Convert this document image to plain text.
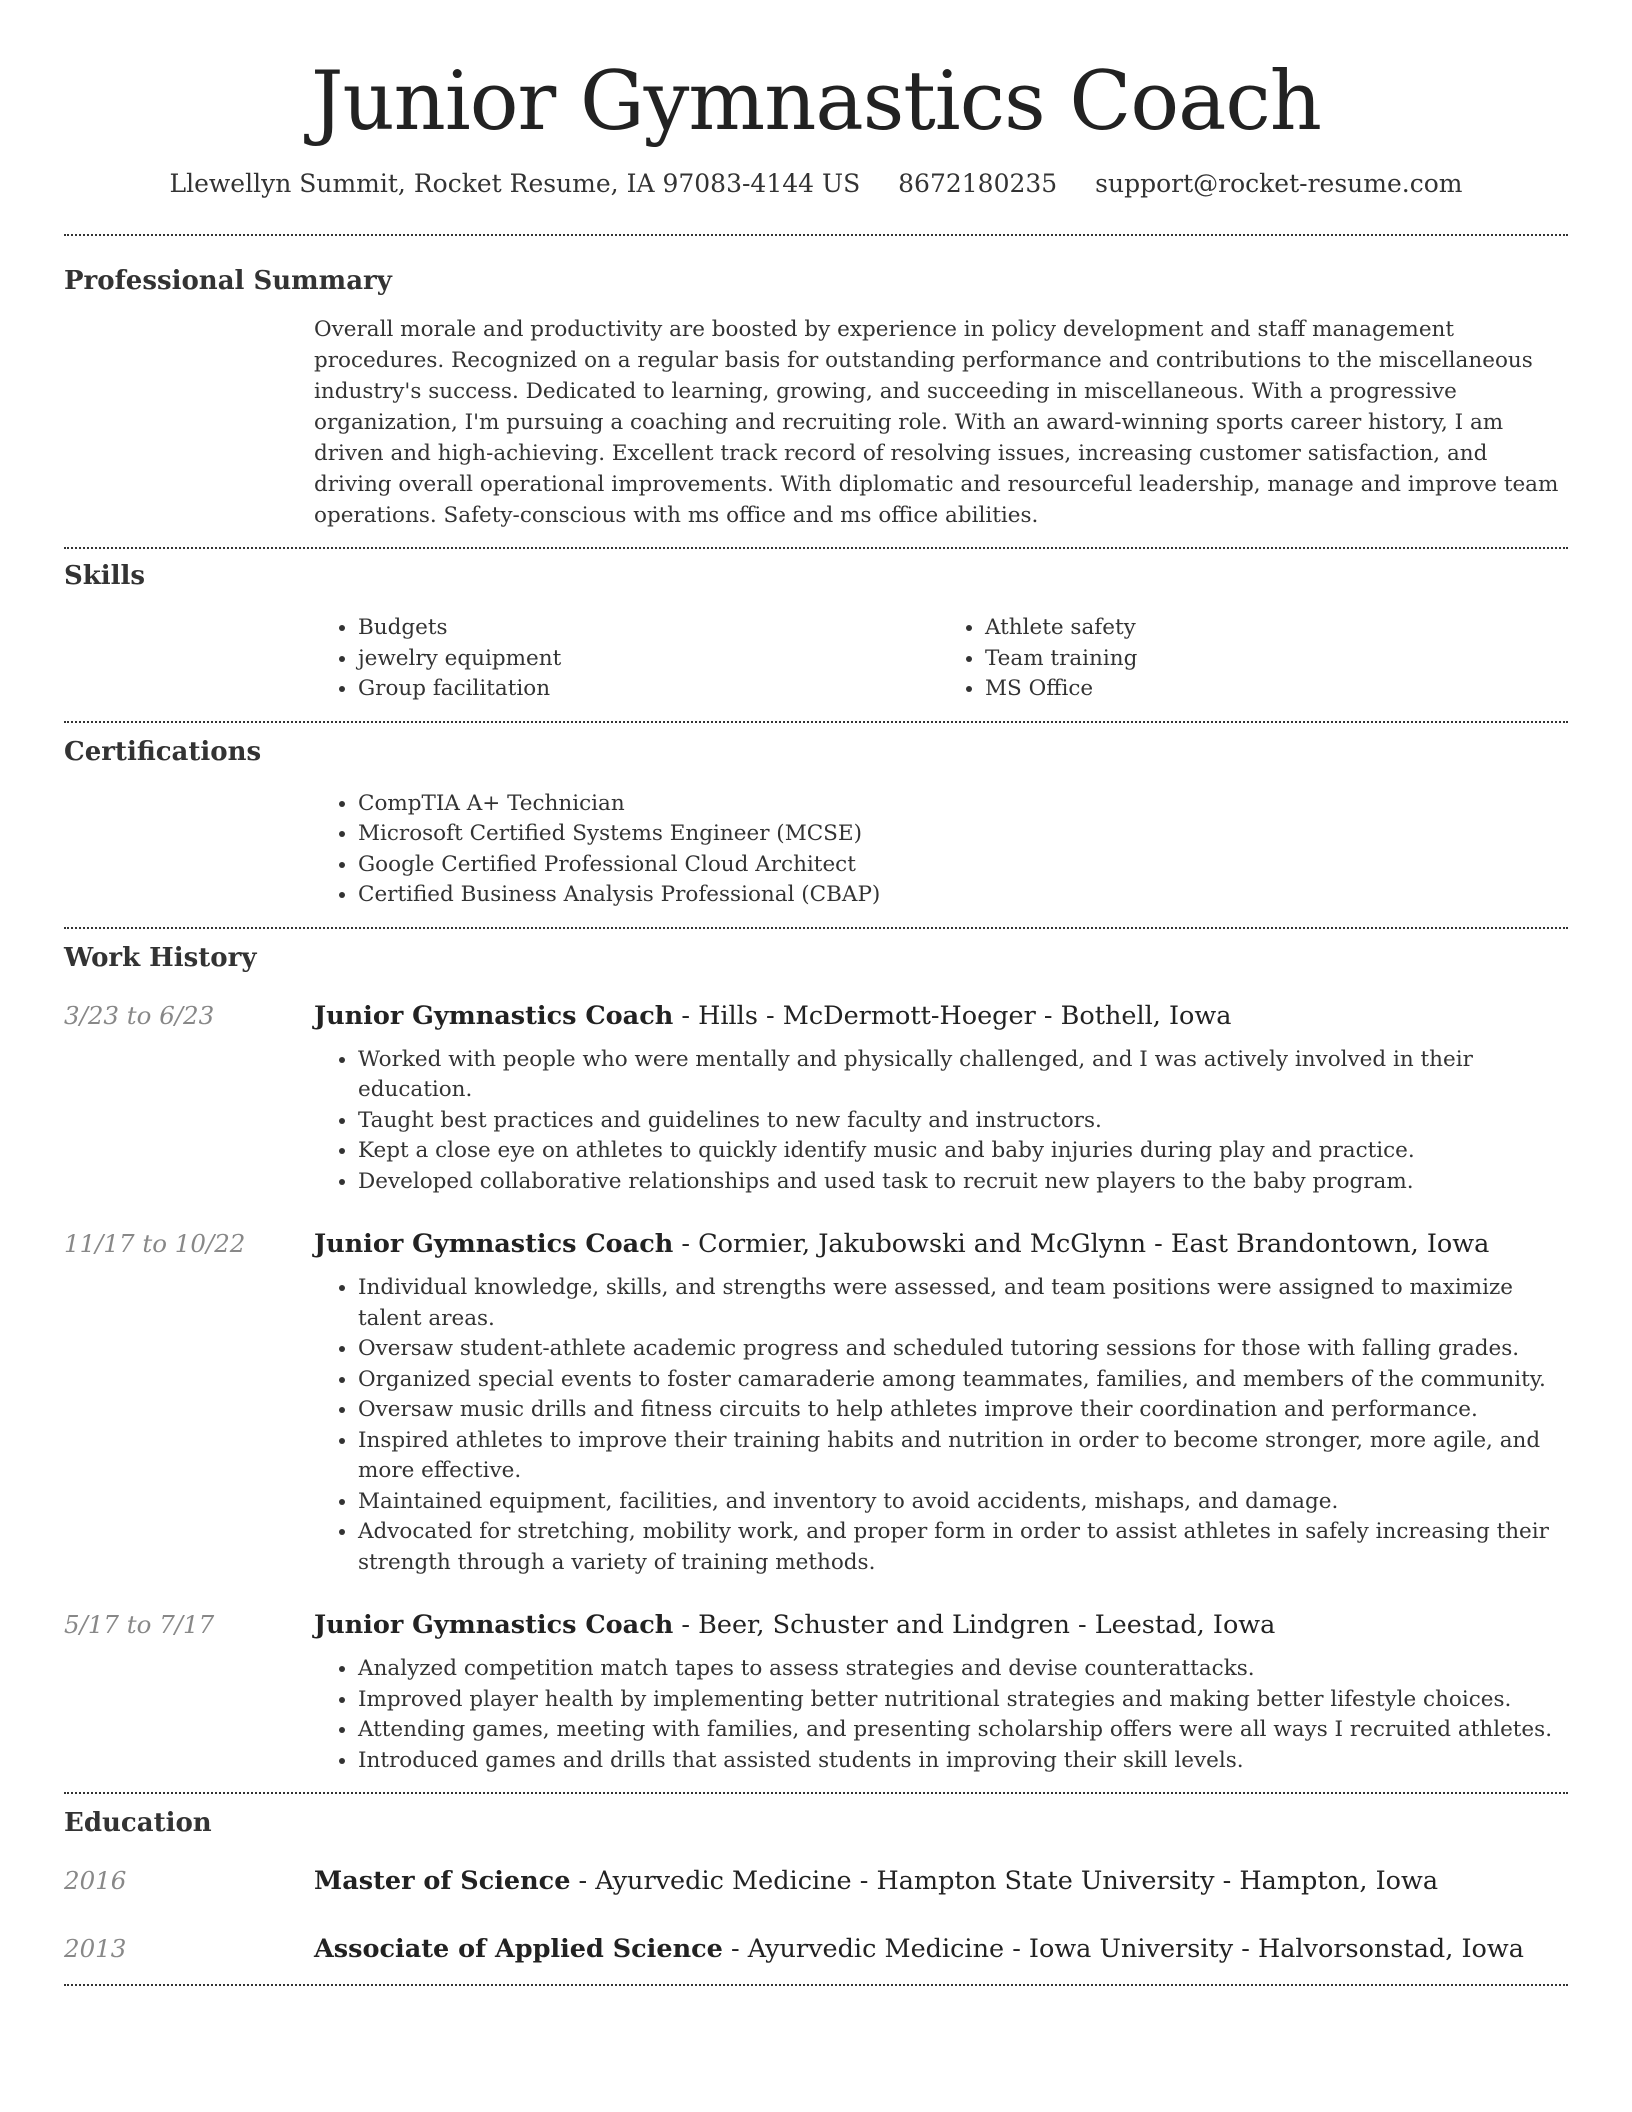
Junior Gymnastics Coach
Llewellyn Summit, Rocket Resume, IA 97083-4144 US 8672180235 support@rocket-resume.com
Professional Summary

Overall morale and productivity are boosted by experience in policy development and staff management procedures. Recognized on a regular basis for outstanding performance and contributions to the miscellaneous industry's success. Dedicated to learning, growing, and succeeding in miscellaneous. With a progressive organization, I'm pursuing a coaching and recruiting role. With an award-winning sports career history, I am driven and high-achieving. Excellent track record of resolving issues, increasing customer satisfaction, and driving overall operational improvements. With diplomatic and resourceful leadership, manage and improve team operations. Safety-conscious with ms office and ms office abilities.

Skills
• Budgets
• jewelry equipment
• Group facilitation
• Athlete safety
• Team training
• MS Office
Certifications
• CompTIA A+ Technician
• Microsoft Certified Systems Engineer (MCSE)
• Google Certified Professional Cloud Architect
• Certified Business Analysis Professional (CBAP)
Work History
3/23 to 6/23	Junior Gymnastics Coach - Hills - McDermott-Hoeger - Bothell, Iowa
• Worked with people who were mentally and physically challenged, and I was actively involved in their education.
• Taught best practices and guidelines to new faculty and instructors.
• Kept a close eye on athletes to quickly identify music and baby injuries during play and practice.
• Developed collaborative relationships and used task to recruit new players to the baby program.
11/17 to 10/22	Junior Gymnastics Coach - Cormier, Jakubowski and McGlynn - East Brandontown, Iowa
• Individual knowledge, skills, and strengths were assessed, and team positions were assigned to maximize talent areas.
• Oversaw student-athlete academic progress and scheduled tutoring sessions for those with falling grades.
• Organized special events to foster camaraderie among teammates, families, and members of the community.
• Oversaw music drills and fitness circuits to help athletes improve their coordination and performance.
• Inspired athletes to improve their training habits and nutrition in order to become stronger, more agile, and more effective.
• Maintained equipment, facilities, and inventory to avoid accidents, mishaps, and damage.
• Advocated for stretching, mobility work, and proper form in order to assist athletes in safely increasing their strength through a variety of training methods.
5/17 to 7/17	Junior Gymnastics Coach - Beer, Schuster and Lindgren - Leestad, Iowa
• Analyzed competition match tapes to assess strategies and devise counterattacks.
• Improved player health by implementing better nutritional strategies and making better lifestyle choices.
• Attending games, meeting with families, and presenting scholarship offers were all ways I recruited athletes.
• Introduced games and drills that assisted students in improving their skill levels.
Education
2016	Master of Science - Ayurvedic Medicine - Hampton State University - Hampton, Iowa
2013	Associate of Applied Science - Ayurvedic Medicine - Iowa University - Halvorsonstad, Iowa
